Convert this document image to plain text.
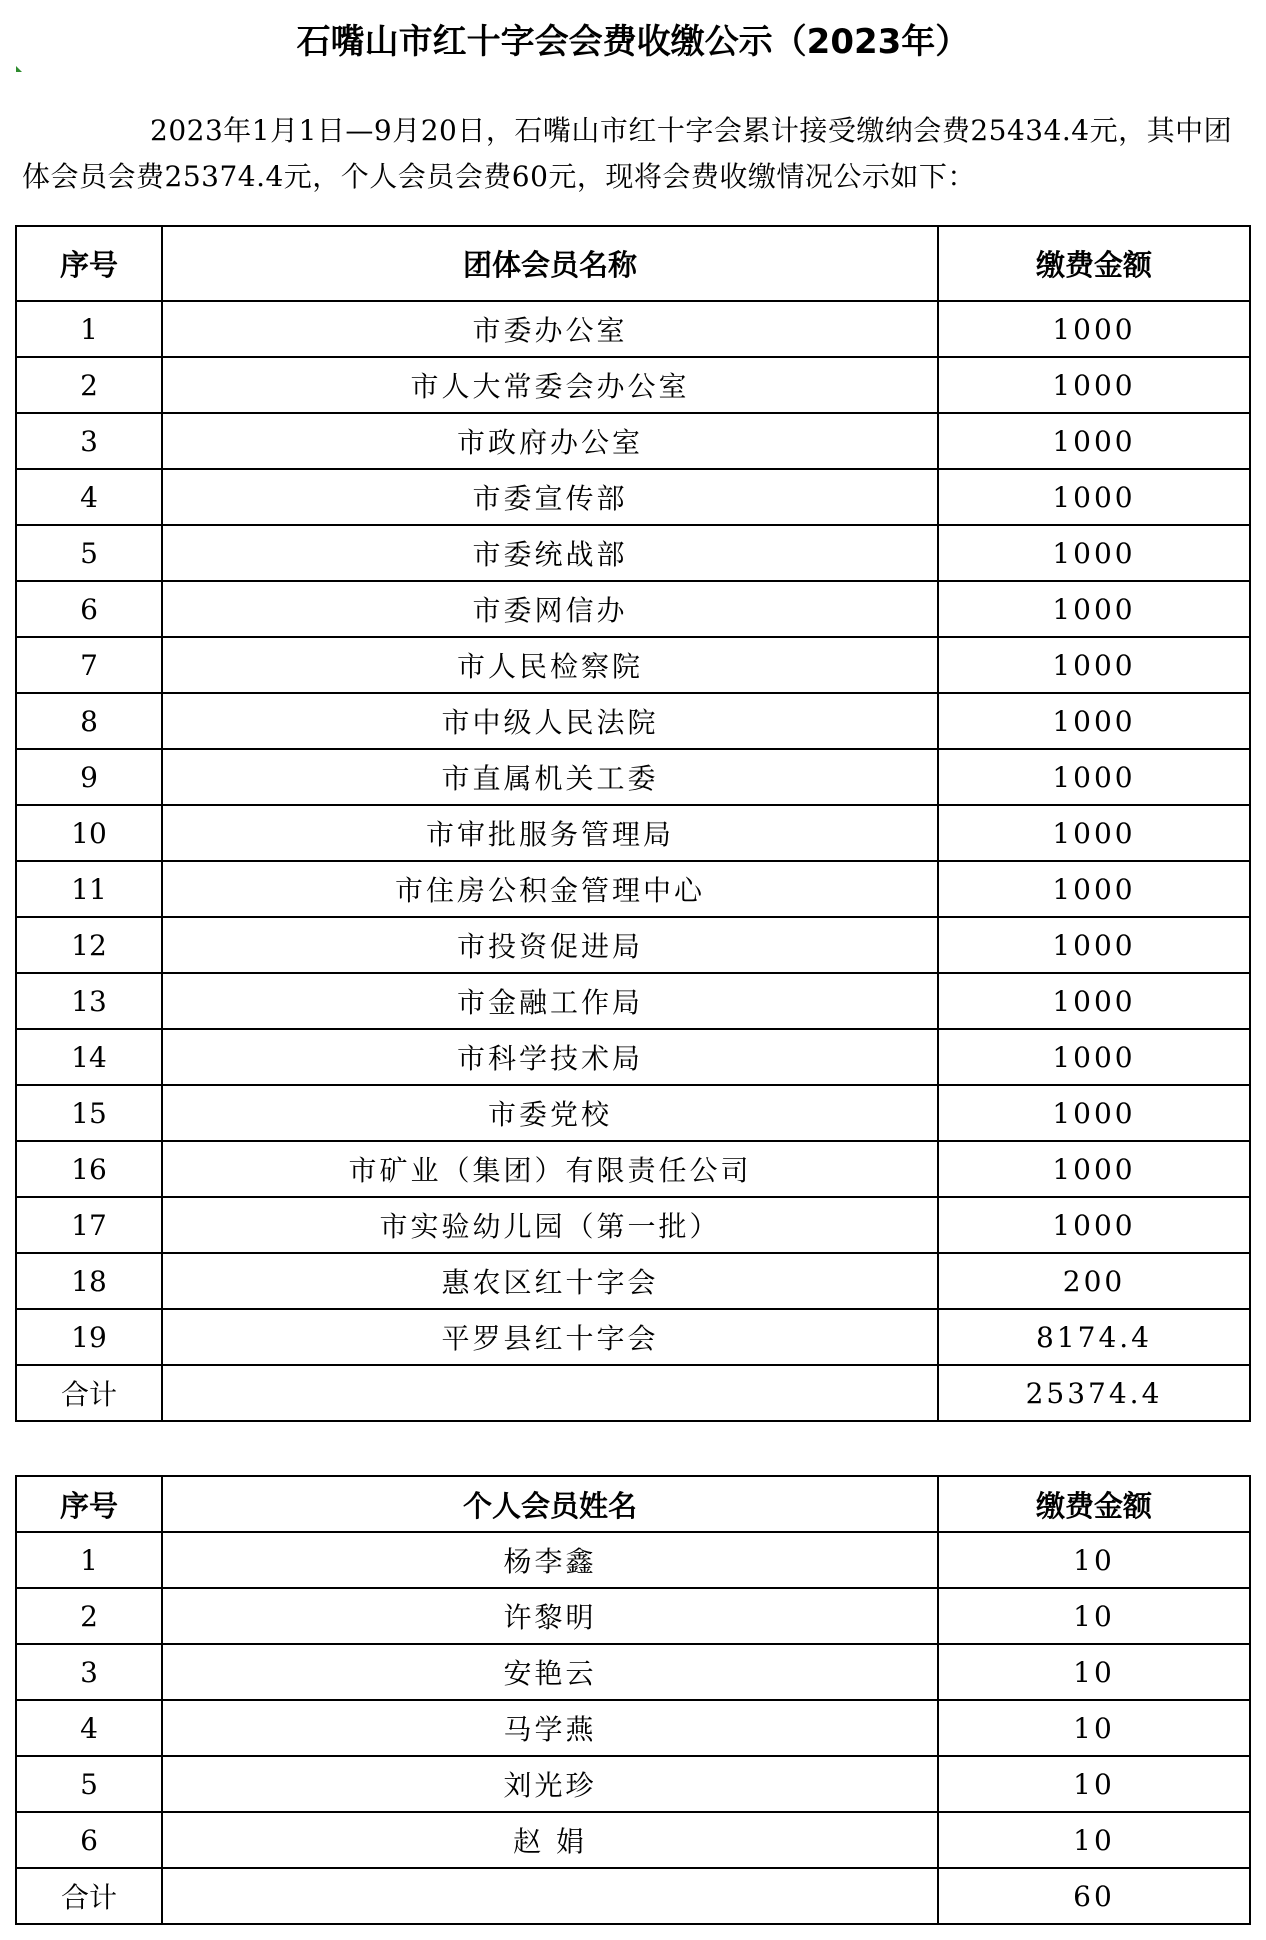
石嘴山市红十字会会费收缴公示（2023年）
2023年1月1日—9月20日，石嘴山市红十字会累计接受缴纳会费25434.4元，其中团体会员会费25374.4元，个人会员会费60元，现将会费收缴情况公示如下：
序号	团体会员名称	缴费金额
1	市委办公室	1000
2	市人大常委会办公室	1000
3	市政府办公室	1000
4	市委宣传部	1000
5	市委统战部	1000
6	市委网信办	1000
7	市人民检察院	1000
8	市中级人民法院	1000
9	市直属机关工委	1000
10	市审批服务管理局	1000
11	市住房公积金管理中心	1000
12	市投资促进局	1000
13	市金融工作局	1000
14	市科学技术局	1000
15	市委党校	1000
16	市矿业（集团）有限责任公司	1000
17	市实验幼儿园（第一批）	1000
18	惠农区红十字会	200
19	平罗县红十字会	8174.4
合计		25374.4
序号	个人会员姓名	缴费金额
1	杨李鑫	10
2	许黎明	10
3	安艳云	10
4	马学燕	10
5	刘光珍	10
6	赵 娟	10
合计		60
